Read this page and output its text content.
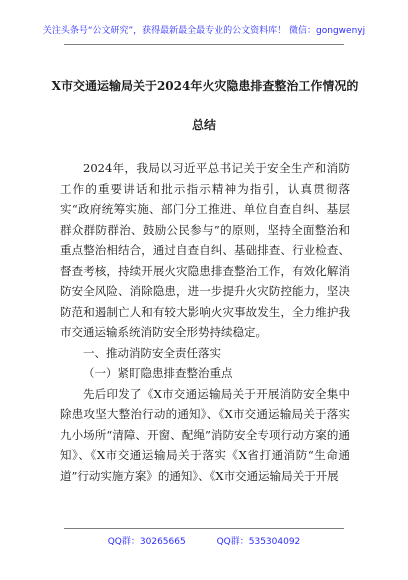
关注头条号“公文研究”，获得最新最全最专业的公文资料库！ 微信：gongwenyj
X市交通运输局关于2024年火灾隐患排查整治工作情况的
总结

2024年，我局以习近平总书记关于安全生产和消防工作的重要讲话和批示指示精神为指引，认真贯彻落实“政府统筹实施、部门分工推进、单位自查自纠、基层群众群防群治、鼓励公民参与”的原则，坚持全面整治和重点整治相结合，通过自查自纠、基础排查、行业检查、督查考核，持续开展火灾隐患排查整治工作，有效化解消防安全风险、消除隐患，进一步提升火灾防控能力，坚决防范和遏制亡人和有较大影响火灾事故发生，全力维护我市交通运输系统消防安全形势持续稳定。

一、推动消防安全责任落实

（一）紧盯隐患排查整治重点

先后印发了《X市交通运输局关于开展消防安全集中除患攻坚大整治行动的通知》、《X市交通运输局关于落实九小场所“清障、开窗、配绳”消防安全专项行动方案的通知》、《X市交通运输局关于落实《X省打通消防“生命通道”行动实施方案》的通知》、《X市交通运输局关于开展

QQ群：30265665	QQ群：535304092
